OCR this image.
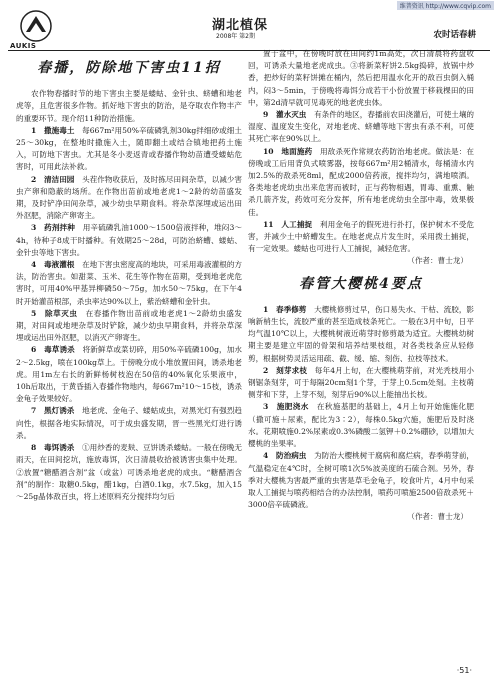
维普资讯 http://www.cqvip.com
AUKIS
湖北植保
2008年 第2期	农时话春耕
春播，防除地下害虫11招

农作物春播时节的地下害虫主要是蝼蛄、金针虫、蛴螬和地老虎等，且危害很多作物。抓好地下害虫的防治，是夺取农作物丰产的重要环节。现介绍11种防治措施。

1　 撒施毒土　 每667m²用50%辛硫磷乳剂30kg拌细砂或细土25～30kg，在整地时撒施入土，随即翻土或结合镇地把药土施入，可防地下害虫。尤其是冬小麦返青或春播作物幼苗遭受蝼蛄危害时，可用此法补救。

2　 清洁田园　 头茬作物收获后，及时拣尽田间杂草，以减少害虫产卵和隐蔽的场所。在作物出苗前或地老虎1～2龄的幼苗盛发期，及时铲净田间杂草，减少幼虫早期食料。将杂草深埋或运出田外沤肥，消除产卵寄主。

3　 药剂拌种　 用辛硫磷乳油1000～1500倍液拌种，堆闷3～4h，待种子8成干时播种。有效期25～28d，可防治蛴螬、蝼蛄、金针虫等地下害虫。

4　 毒液灌根　 在地下害虫密度高的地块，可采用毒液灌根的方法，防治害虫。如甜菜、玉米、花生等作物在苗期，受到地老虎危害时，可用40%甲基异柳磷50～75g，加水50～75kg，在下午4时开始灌苗根部，杀虫率达90%以上，紫治蛴螬和金针虫。

5　 除草灭虫　 在春播作物出苗前或地老虎1～2龄幼虫盛发期，对田间或地埂杂草及时铲除，减少幼虫早期食料，并将杂草深埋或运出田外沤肥，以消灭产卵寄生。

6　 毒草诱杀　 将新鲜草或菜切碎，用50%辛硫磷100g，加水2～2.5kg，喷在100kg草上。于傍晚分成小堆放置田间，诱杀地老虎。用1m左右长的新鲜杨树枝泡在50倍的40%氧化乐果液中，10h后取出，于黄昏插入春播作物地内，每667m²10～15枝，诱杀金龟子效果较好。

7　 黑灯诱杀　 地老虎、金龟子、蝼蛄成虫，对黑光灯有强烈趋向性，根据各地实际情况，可于成虫盛发期，晋一些黑光灯进行诱杀。

8　 毒饵诱杀　 ①用炒香的麦麸、豆饼诱杀蝼蛄。一般在傍晚无雨天，在田间挖坑，施放毒饵，次日清晨收拾被诱害虫集中处理。②放置“糖醋酒含剂”盆（或盆）可诱杀地老虎的成虫。“糖醋酒含剂”的制作：取糖0.5kg，醋1kg，白酒0.1kg，水7.5kg，加入15～25g晶体敌百虫，将上述原料充分搅拌均匀后

置于盆中，在傍晚时放在田间约1m高处，次日清晨将药盘收回，可诱杀大量地老虎成虫。③将新菜籽饼2.5kg捣碎，放锅中炒香，把炒好的菜籽饼摊在桶内，然后把用温水化开的敌百虫倒入桶内，闷3～5min，于傍晚将毒饵分成若干小份放置于移栽棵田的田中，第2d清早就可见毒死的地老虎虫体。

9　 灌水灭虫　 有条件的地区，春播前农田浇灌后，可使土壤的湿度、温度发生变化，对地老虎、蛴螬等地下害虫有杀不利，可使其死亡率在90%以上。

10　 地面施药　 用敌杀死作常规农药防治地老虎。做法是：在傍晚或工后用背负式喷雾器，按每667m²用2桶清水，每桶清水内加2.5%的敌杀死8ml，配成2000倍药液，搅拌均匀，满地喷洒。各类地老虎幼虫出来危害而被时，正与药物相遇，胃毒、重熏、触杀几箭齐发，药效可充分发挥，所有地老虎幼虫全部中毒，效果极佳。

11　 人工捕捉　 利用金龟子的假死进行扑打，保护树木不受危害，并减少土中蛴螬发生。在地老虎点片发生时，采用拨土捕捉，有一定效果。蝼蛄也可进行人工捕捉，减轻危害。

（作者：曹士龙）
春管大樱桃4要点

1　 春季修剪　 大樱桃修剪过早，伤口易失水、干枯、流胶，影响新梢生长，流胶严重的甚至造成枝条死亡。一般在3月中旬，日平均气温10℃以上，大樱桃树液近萌芽时修剪最为适宜。大樱桃幼树期主要是建立牢固的骨架和培养结果枝组，对各类枝条应从轻修剪，根据树势灵活运用疏、截、缓、缩、刻伤、拉枝等技术。

2　 刻芽求枝　 每年4月上旬，在大樱桃萌芽前，对光秃枝用小钢锯条刻芽，可于每隔20cm刻1个芽，于芽上0.5cm处刻。主枝萌侧芽和下芽，上芽不刻，刻芽后90%以上能抽出长枝。

3　 施肥浇水　 在秋施基肥的基础上，4月上旬开始施施化肥（撒可施＋尿素，配比为3∶2），每株0.5kg穴施，施肥后及时浇水。花期喷施0.2%尿素或0.3%磷酸二氢钾＋0.2%硼砂，以增加大樱桃的坐果率。

4　 防治病虫　 为防治大樱桃树干腐病和腐烂病，春季萌芽前，气温稳定在4℃时，全树可喷1次5%波美度的石硫合剂。另外，春季对大樱桃为害最严重的虫害是草毛金龟子，咬食叶片，4月中旬采取人工捕捉与喷药相结合的办法控制，喷药可喷施2500倍敌杀死＋3000倍辛硫磷液。

（作者：曹士龙）
·51·
